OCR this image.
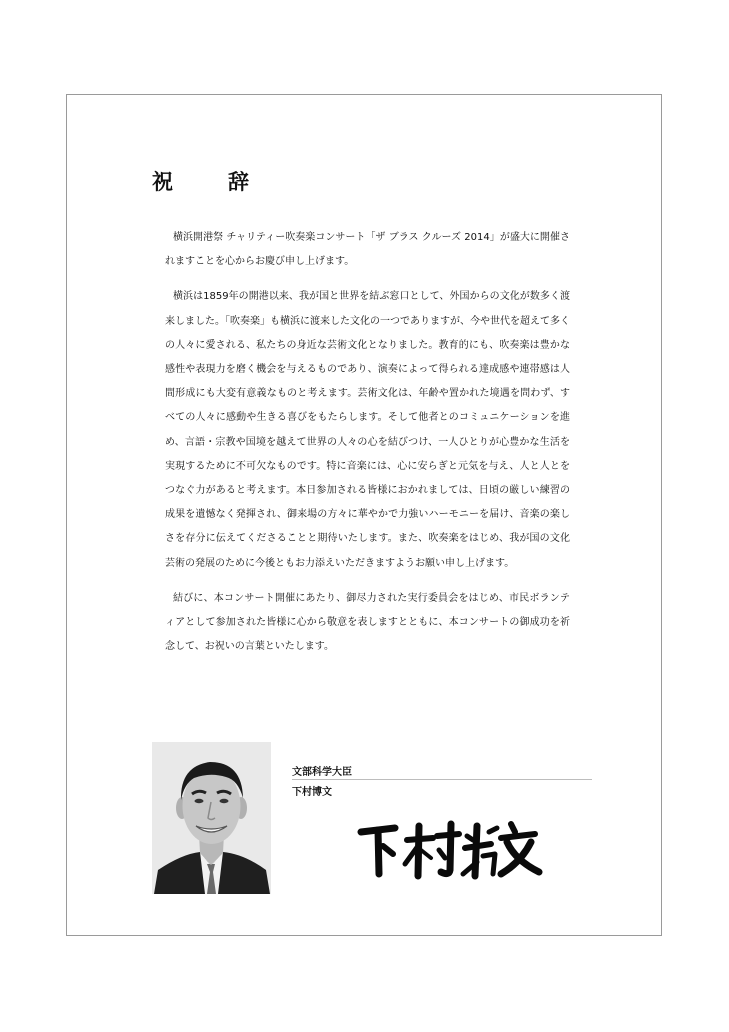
祝　辞

横浜開港祭 チャリティー吹奏楽コンサート「ザ ブラス クルーズ 2014」が盛大に開催されますことを心からお慶び申し上げます。

横浜は1859年の開港以来、我が国と世界を結ぶ窓口として、外国からの文化が数多く渡来しました。「吹奏楽」も横浜に渡来した文化の一つでありますが、今や世代を超えて多くの人々に愛される、私たちの身近な芸術文化となりました。教育的にも、吹奏楽は豊かな感性や表現力を磨く機会を与えるものであり、演奏によって得られる達成感や連帯感は人間形成にも大変有意義なものと考えます。芸術文化は、年齢や置かれた境遇を問わず、すべての人々に感動や生きる喜びをもたらします。そして他者とのコミュニケーションを進め、言語・宗教や国境を越えて世界の人々の心を結びつけ、一人ひとりが心豊かな生活を実現するために不可欠なものです。特に音楽には、心に安らぎと元気を与え、人と人とをつなぐ力があると考えます。本日参加される皆様におかれましては、日頃の厳しい練習の成果を遺憾なく発揮され、御来場の方々に華やかで力強いハーモニーを届け、音楽の楽しさを存分に伝えてくださることと期待いたします。また、吹奏楽をはじめ、我が国の文化芸術の発展のために今後ともお力添えいただきますようお願い申し上げます。

結びに、本コンサート開催にあたり、御尽力された実行委員会をはじめ、市民ボランティアとして参加された皆様に心から敬意を表しますとともに、本コンサートの御成功を祈念して、お祝いの言葉といたします。

文部科学大臣
下村博文
